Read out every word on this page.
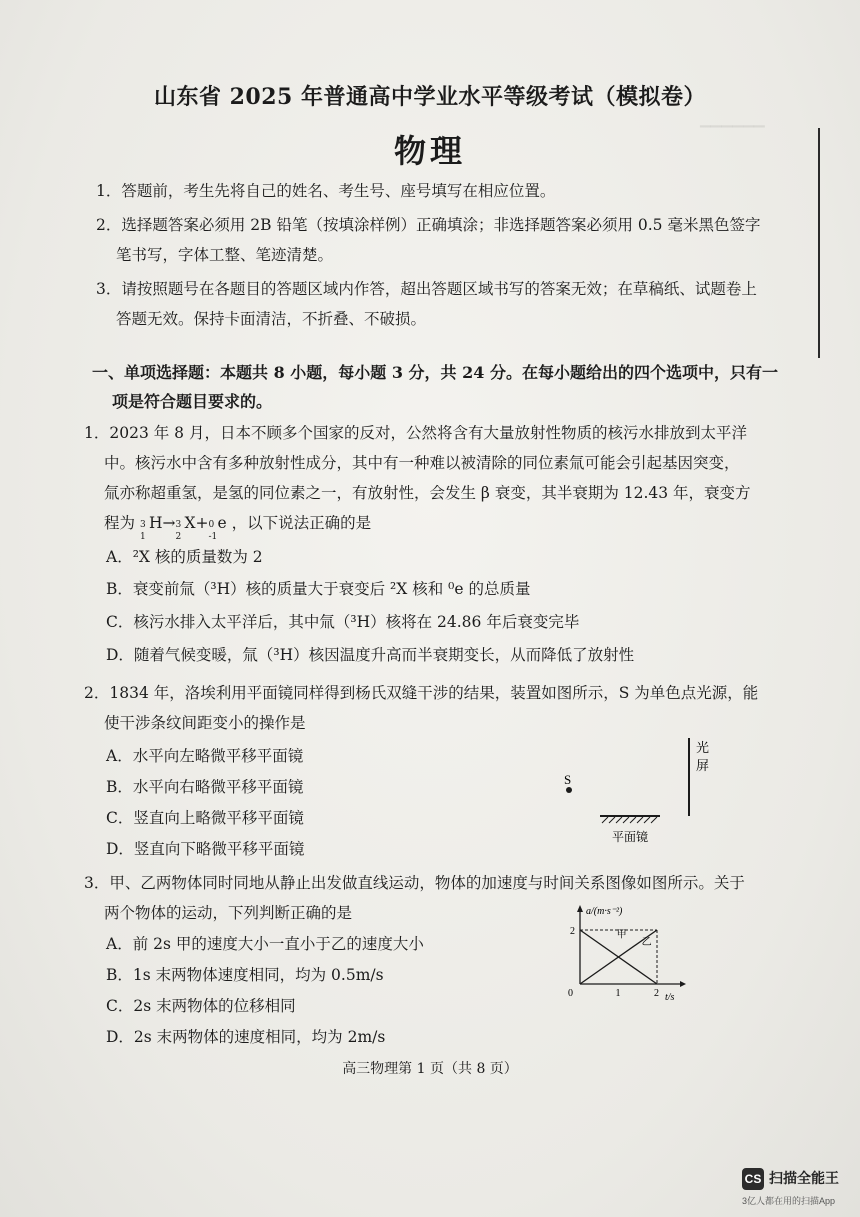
▁▁▁▁▁▁
山东省 2025 年普通高中学业水平等级考试（模拟卷）
物理
1．答题前，考生先将自己的姓名、考生号、座号填写在相应位置。
2．选择题答案必须用 2B 铅笔（按填涂样例）正确填涂；非选择题答案必须用 0.5 毫米黑色签字
笔书写，字体工整、笔迹清楚。
3．请按照题号在各题目的答题区域内作答，超出答题区域书写的答案无效；在草稿纸、试题卷上
答题无效。保持卡面清洁，不折叠、不破损。
一、单项选择题：本题共 8 小题，每小题 3 分，共 24 分。在每小题给出的四个选项中，只有一
项是符合题目要求的。
1．2023 年 8 月，日本不顾多个国家的反对，公然将含有大量放射性物质的核污水排放到太平洋
中。核污水中含有多种放射性成分，其中有一种难以被清除的同位素氚可能会引起基因突变，
氚亦称超重氢，是氢的同位素之一，有放射性，会发生 β 衰变，其半衰期为 12.43 年，衰变方
程为 3
1
H→ 3
2
X+ 0
-1
e ，以下说法正确的是
A．²X 核的质量数为 2
B．衰变前氚（³H）核的质量大于衰变后 ²X 核和 ⁰e 的总质量
C．核污水排入太平洋后，其中氚（³H）核将在 24.86 年后衰变完毕
D．随着气候变暖，氚（³H）核因温度升高而半衰期变长，从而降低了放射性
2．1834 年，洛埃利用平面镜同样得到杨氏双缝干涉的结果，装置如图所示，S 为单色点光源，能
使干涉条纹间距变小的操作是
A．水平向左略微平移平面镜
B．水平向右略微平移平面镜
C．竖直向上略微平移平面镜
D．竖直向下略微平移平面镜
S
光
屏
平面镜
3．甲、乙两物体同时同地从静止出发做直线运动，物体的加速度与时间关系图像如图所示。关于
两个物体的运动，下列判断正确的是
A．前 2s 甲的速度大小一直小于乙的速度大小
B．1s 末两物体速度相同，均为 0.5m/s
C．2s 末两物体的位移相同
D．2s 末两物体的速度相同，均为 2m/s
a/(m·s⁻²)
t/s
甲
乙
0	1	2
2
高三物理第 1 页（共 8 页）
CS 扫描全能王
3亿人都在用的扫描App
